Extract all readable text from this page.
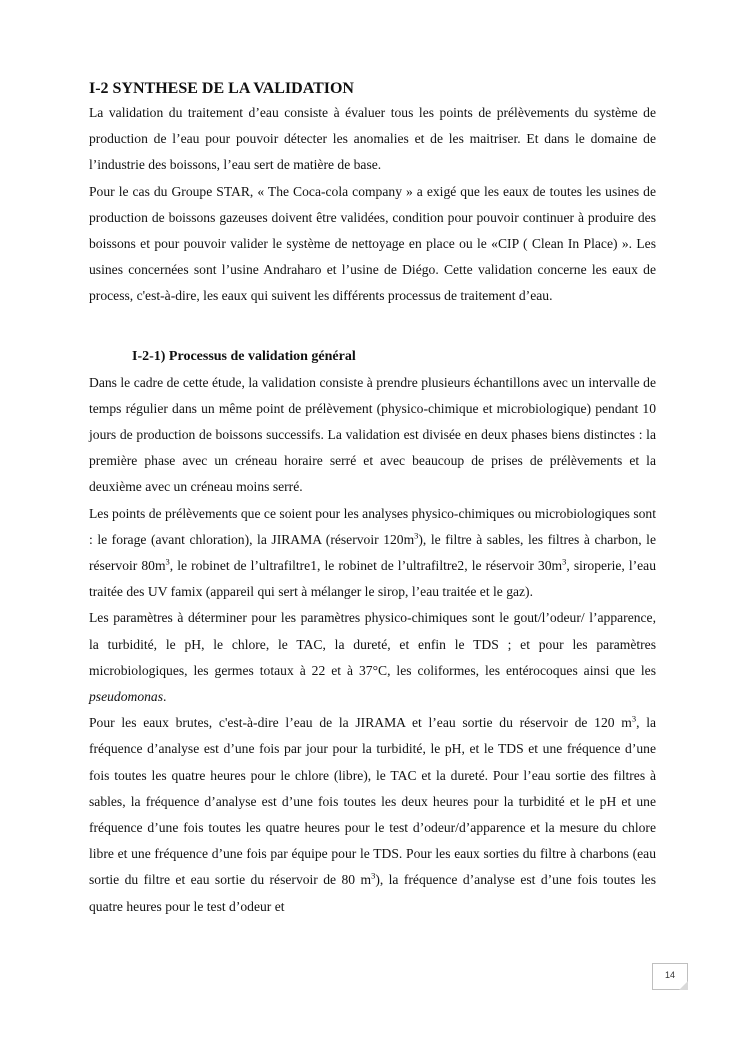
I-2 SYNTHESE DE LA VALIDATION

La validation du traitement d’eau consiste à évaluer tous les points de prélèvements du système de production de l’eau pour pouvoir détecter les anomalies et de les maitriser. Et dans le domaine de l’industrie des boissons, l’eau sert de matière de base.

Pour le cas du Groupe STAR, « The Coca-cola company » a exigé que les eaux de toutes les usines de production de boissons gazeuses doivent être validées, condition pour pouvoir continuer à produire des boissons et pour pouvoir valider le système de nettoyage en place ou le «CIP ( Clean In Place) ». Les usines concernées sont l’usine Andraharo et l’usine de Diégo. Cette validation concerne les eaux de process, c'est-à-dire, les eaux qui suivent les différents processus de traitement d’eau.

I-2-1) Processus de validation général

Dans le cadre de cette étude, la validation consiste à prendre plusieurs échantillons avec un intervalle de temps régulier dans un même point de prélèvement (physico-chimique et microbiologique) pendant 10 jours de production de boissons successifs. La validation est divisée en deux phases biens distinctes : la première phase avec un créneau horaire serré et avec beaucoup de prises de prélèvements et la deuxième avec un créneau moins serré.

Les points de prélèvements que ce soient pour les analyses physico-chimiques ou microbiologiques sont : le forage (avant chloration), la JIRAMA (réservoir $120m^3$), le filtre à sables, les filtres à charbon, le réservoir $80m^3$, le robinet de l’ultrafiltre1, le robinet de l’ultrafiltre2, le réservoir $30m^3$, siroperie, l’eau traitée des UV famix (appareil qui sert à mélanger le sirop, l’eau traitée et le gaz).

Les paramètres à déterminer pour les paramètres physico-chimiques sont le gout/l’odeur/ l’apparence, la turbidité, le pH, le chlore, le TAC, la dureté, et enfin le TDS ; et pour les paramètres microbiologiques, les germes totaux à 22 et à 37°C, les coliformes, les entérocoques ainsi que les pseudomonas.

Pour les eaux brutes, c'est-à-dire l’eau de la JIRAMA et l’eau sortie du réservoir de 120 $m^3$, la fréquence d’analyse est d’une fois par jour pour la turbidité, le pH, et le TDS et une fréquence d’une fois toutes les quatre heures pour le chlore (libre), le TAC et la dureté. Pour l’eau sortie des filtres à sables, la fréquence d’analyse est d’une fois toutes les deux heures pour la turbidité et le pH et une fréquence d’une fois toutes les quatre heures pour le test d’odeur/d’apparence et la mesure du chlore libre et une fréquence d’une fois par équipe pour le TDS. Pour les eaux sorties du filtre à charbons (eau sortie du filtre et eau sortie du réservoir de 80 $m^3$), la fréquence d’analyse est d’une fois toutes les quatre heures pour le test d’odeur et

14
